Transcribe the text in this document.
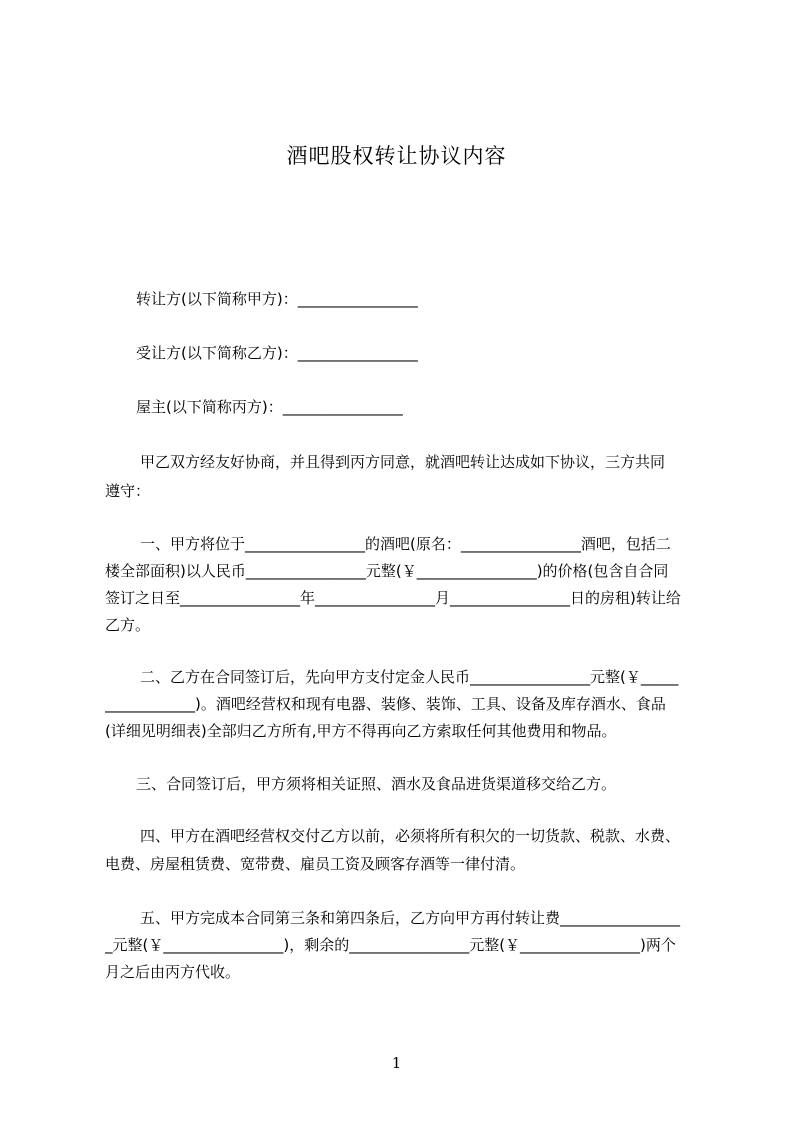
酒吧股权转让协议内容
转让方(以下简称甲方)：________________
受让方(以下简称乙方)：________________
屋主(以下简称丙方)：________________
甲乙双方经友好协商，并且得到丙方同意，就酒吧转让达成如下协议，三方共同
遵守：
一、甲方将位于________________的酒吧(原名：________________酒吧，包括二
楼全部面积)以人民币________________元整(￥________________)的价格(包含自合同
签订之日至________________年________________月________________日的房租)转让给
乙方。
二、乙方在合同签订后，先向甲方支付定金人民币________________元整(￥_____
____________)。酒吧经营权和现有电器、装修、装饰、工具、设备及库存酒水、食品
(详细见明细表)全部归乙方所有,甲方不得再向乙方索取任何其他费用和物品。
三、合同签订后，甲方须将相关证照、酒水及食品进货渠道移交给乙方。
四、甲方在酒吧经营权交付乙方以前，必须将所有积欠的一切货款、税款、水费、
电费、房屋租赁费、宽带费、雇员工资及顾客存酒等一律付清。
五、甲方完成本合同第三条和第四条后，乙方向甲方再付转让费________________
_元整(￥________________)，剩余的________________元整(￥________________)两个
月之后由丙方代收。
1
